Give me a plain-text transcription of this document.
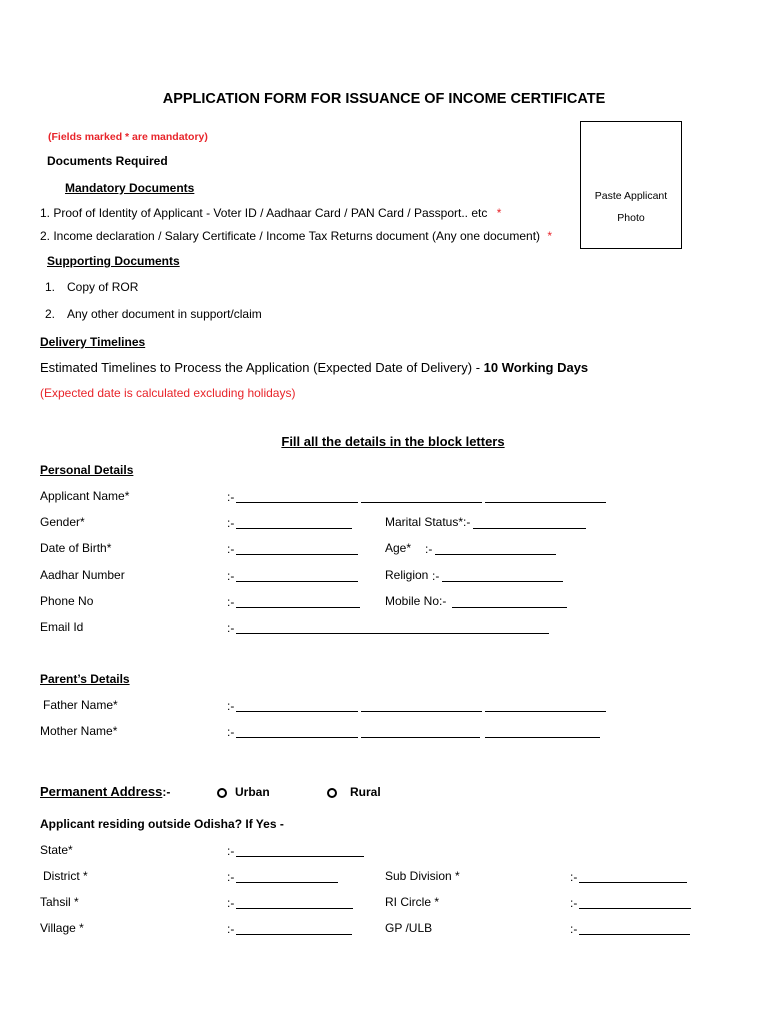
APPLICATION FORM FOR ISSUANCE OF INCOME CERTIFICATE
Paste Applicant
Photo
(Fields marked * are mandatory)
Documents Required
Mandatory Documents
1. Proof of Identity of Applicant - Voter ID / Aadhaar Card / PAN Card / Passport.. etc *
2. Income declaration / Salary Certificate / Income Tax Returns document (Any one document) *
Supporting Documents
1. Copy of ROR
2. Any other document in support/claim
Delivery Timelines
Estimated Timelines to Process the Application (Expected Date of Delivery) - 10 Working Days
(Expected date is calculated excluding holidays)
Fill all the details in the block letters
Personal Details
Applicant Name*	:-
Gender*	:-	Marital Status*:-
Date of Birth*	:-	Age* :-
Aadhar Number	:-	Religion :-
Phone No	:-	Mobile No:-
Email Id	:-
Parent’s Details
Father Name*	:-
Mother Name*	:-
Permanent Address:-	Urban	Rural
Applicant residing outside Odisha? If Yes -
State*	:-
District *	:-	Sub Division *	:-
Tahsil *	:-	RI Circle *	:-
Village *	:-	GP /ULB	:-
